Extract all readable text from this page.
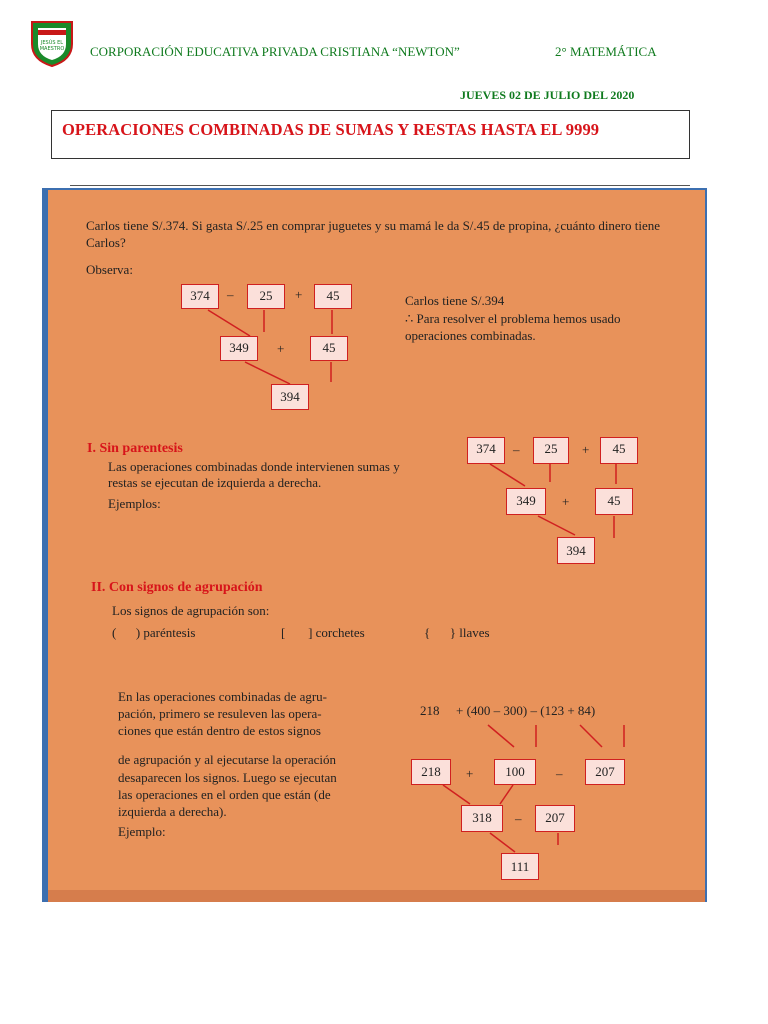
JESÚS EL
MAESTRO CORPORACIÓN EDUCATIVA PRIVADA CRISTIANA “NEWTON”	2° MATEMÁTICA
JUEVES 02 DE JULIO DEL 2020
OPERACIONES COMBINADAS DE SUMAS Y RESTAS HASTA EL 9999
Carlos tiene S/.374. Si gasta S/.25 en comprar juguetes y su mamá le da S/.45 de propina, ¿cuánto dinero tiene Carlos?
Observa:
374	–	25	+	45
349	+	45
394
Carlos tiene S/.394
∴ Para resolver el problema hemos usado
operaciones combinadas.
I. Sin parentesis
Las operaciones combinadas donde intervienen sumas y
restas se ejecutan de izquierda a derecha.
Ejemplos:
374	–	25	+	45
349	+	45
394
II. Con signos de agrupación
Los signos de agrupación son:
(      ) paréntesis	[       ] corchetes	{      } llaves
En las operaciones combinadas de agru-
pación, primero se resuleven las opera-
ciones que están dentro de estos signos
de agrupación y al ejecutarse la operación
desaparecen los signos. Luego se ejecutan
las operaciones en el orden que están (de
izquierda a derecha).
Ejemplo:
218 + (400 – 300) – (123 + 84)
218	+	100	–	207
318	–	207
111
